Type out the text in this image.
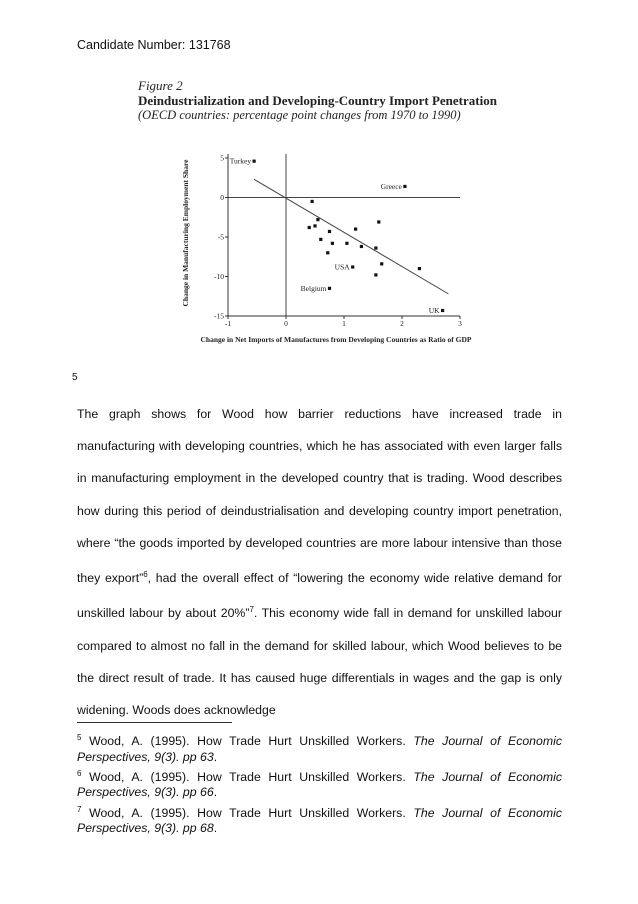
Candidate Number: 131768
Figure 2
Deindustrialization and Developing-Country Import Penetration
(OECD countries: percentage point changes from 1970 to 1990)
-1	0	1	2	3
5
0
-5
-10
-15
Turkey
Greece
USA
Belgium
UK
Change in Manufacturing Employment Share
Change in Net Imports of Manufactures from Developing Countries as Ratio of GDP
5

The graph shows for Wood how barrier reductions have increased trade in manufacturing with developing countries, which he has associated with even larger falls in manufacturing employment in the developed country that is trading. Wood describes how during this period of deindustrialisation and developing country import penetration, where “the goods imported by developed countries are more labour intensive than those they export”$^6$, had the overall effect of “lowering the economy wide relative demand for unskilled labour by about 20%”$^7$. This economy wide fall in demand for unskilled labour compared to almost no fall in the demand for skilled labour, which Wood believes to be the direct result of trade. It has caused huge differentials in wages and the gap is only widening. Woods does acknowledge

$^5$ Wood, A. (1995). How Trade Hurt Unskilled Workers. The Journal of Economic Perspectives, 9(3). pp 63.
$^6$ Wood, A. (1995). How Trade Hurt Unskilled Workers. The Journal of Economic Perspectives, 9(3). pp 66.
$^7$ Wood, A. (1995). How Trade Hurt Unskilled Workers. The Journal of Economic Perspectives, 9(3). pp 68.
